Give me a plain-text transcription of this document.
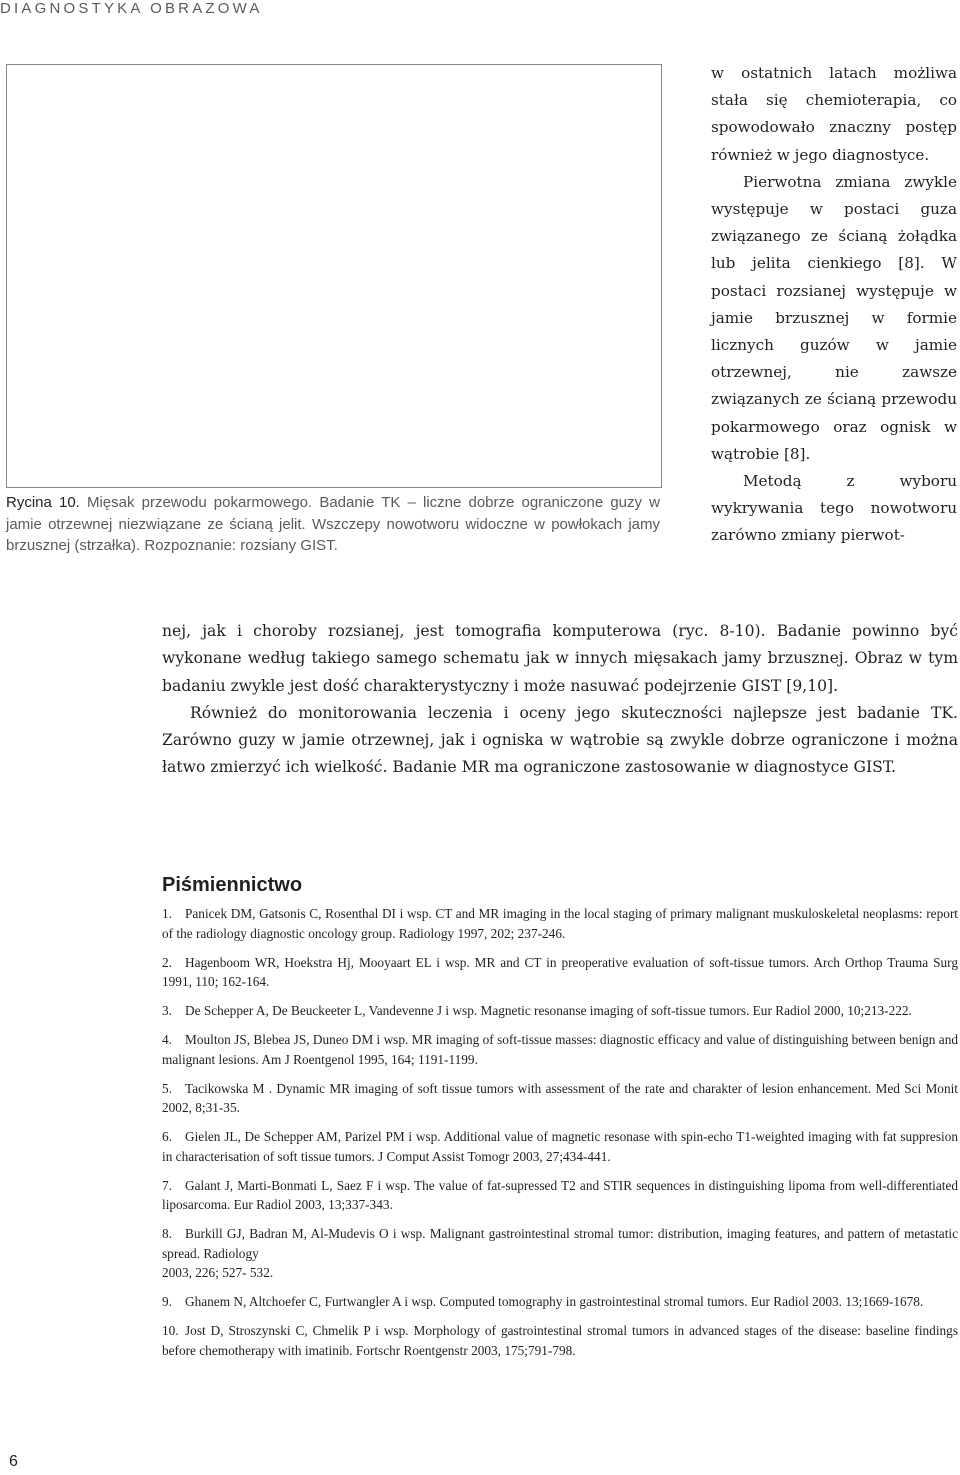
DIAGNOSTYKA OBRAZOWA
Rycina 10. Mięsak przewodu pokarmowego. Badanie TK – liczne dobrze ograniczone guzy w jamie otrzewnej niezwiązane ze ścianą jelit. Wszczepy nowotworu widoczne w powłokach jamy brzusznej (strzałka). Rozpoznanie: rozsiany GIST.

w ostatnich latach możliwa stała się chemioterapia, co spowodowało znaczny postęp również w jego diagnostyce.

Pierwotna zmiana zwykle występuje w postaci guza związanego ze ścianą żołądka lub jelita cienkiego [8]. W postaci rozsianej występuje w jamie brzusznej w formie licznych guzów w jamie otrzewnej, nie zawsze związanych ze ścianą przewodu pokarmowego oraz ognisk w wątrobie [8].

Metodą z wyboru wykrywania tego nowotworu zarówno zmiany pierwot-

nej, jak i choroby rozsianej, jest tomografia komputerowa (ryc. 8-10). Badanie powinno być wykonane według takiego samego schematu jak w innych mięsakach jamy brzusznej. Obraz w tym badaniu zwykle jest dość charakterystyczny i może nasuwać podejrzenie GIST [9,10].

Również do monitorowania leczenia i oceny jego skuteczności najlepsze jest badanie TK. Zarówno guzy w jamie otrzewnej, jak i ogniska w wątrobie są zwykle dobrze ograniczone i można łatwo zmierzyć ich wielkość. Badanie MR ma ograniczone zastosowanie w diagnostyce GIST.

Piśmiennictwo
1. Panicek DM, Gatsonis C, Rosenthal DI i wsp. CT and MR imaging in the local staging of primary malignant muskuloskeletal neoplasms: report of the radiology diagnostic oncology group. Radiology 1997, 202; 237-246.
2. Hagenboom WR, Hoekstra Hj, Mooyaart EL i wsp. MR and CT in preoperative evaluation of soft-tissue tumors. Arch Orthop Trauma Surg 1991, 110; 162-164.
3. De Schepper A, De Beuckeeter L, Vandevenne J i wsp. Magnetic resonanse imaging of soft-tissue tumors. Eur Radiol 2000, 10;213-222.
4. Moulton JS, Blebea JS, Duneo DM i wsp. MR imaging of soft-tissue masses: diagnostic efficacy and value of distinguishing between benign and malignant lesions. Am J Roentgenol 1995, 164; 1191-1199.
5. Tacikowska M . Dynamic MR imaging of soft tissue tumors with assessment of the rate and charakter of lesion enhancement. Med Sci Monit 2002, 8;31-35.
6. Gielen JL, De Schepper AM, Parizel PM i wsp. Additional value of magnetic resonase with spin-echo T1-weighted imaging with fat suppresion in characterisation of soft tissue tumors. J Comput Assist Tomogr 2003, 27;434-441.
7. Galant J, Marti-Bonmati L, Saez F i wsp. The value of fat-supressed T2 and STIR sequences in distinguishing lipoma from well-differentiated liposarcoma. Eur Radiol 2003, 13;337-343.
8. Burkill GJ, Badran M, Al-Mudevis O i wsp. Malignant gastrointestinal stromal tumor: distribution, imaging features, and pattern of metastatic spread. Radiology
2003, 226; 527- 532.
9. Ghanem N, Altchoefer C, Furtwangler A i wsp. Computed tomography in gastrointestinal stromal tumors. Eur Radiol 2003. 13;1669-1678.
10. Jost D, Stroszynski C, Chmelik P i wsp. Morphology of gastrointestinal stromal tumors in advanced stages of the disease: baseline findings before chemotherapy with imatinib. Fortschr Roentgenstr 2003, 175;791-798.
6
